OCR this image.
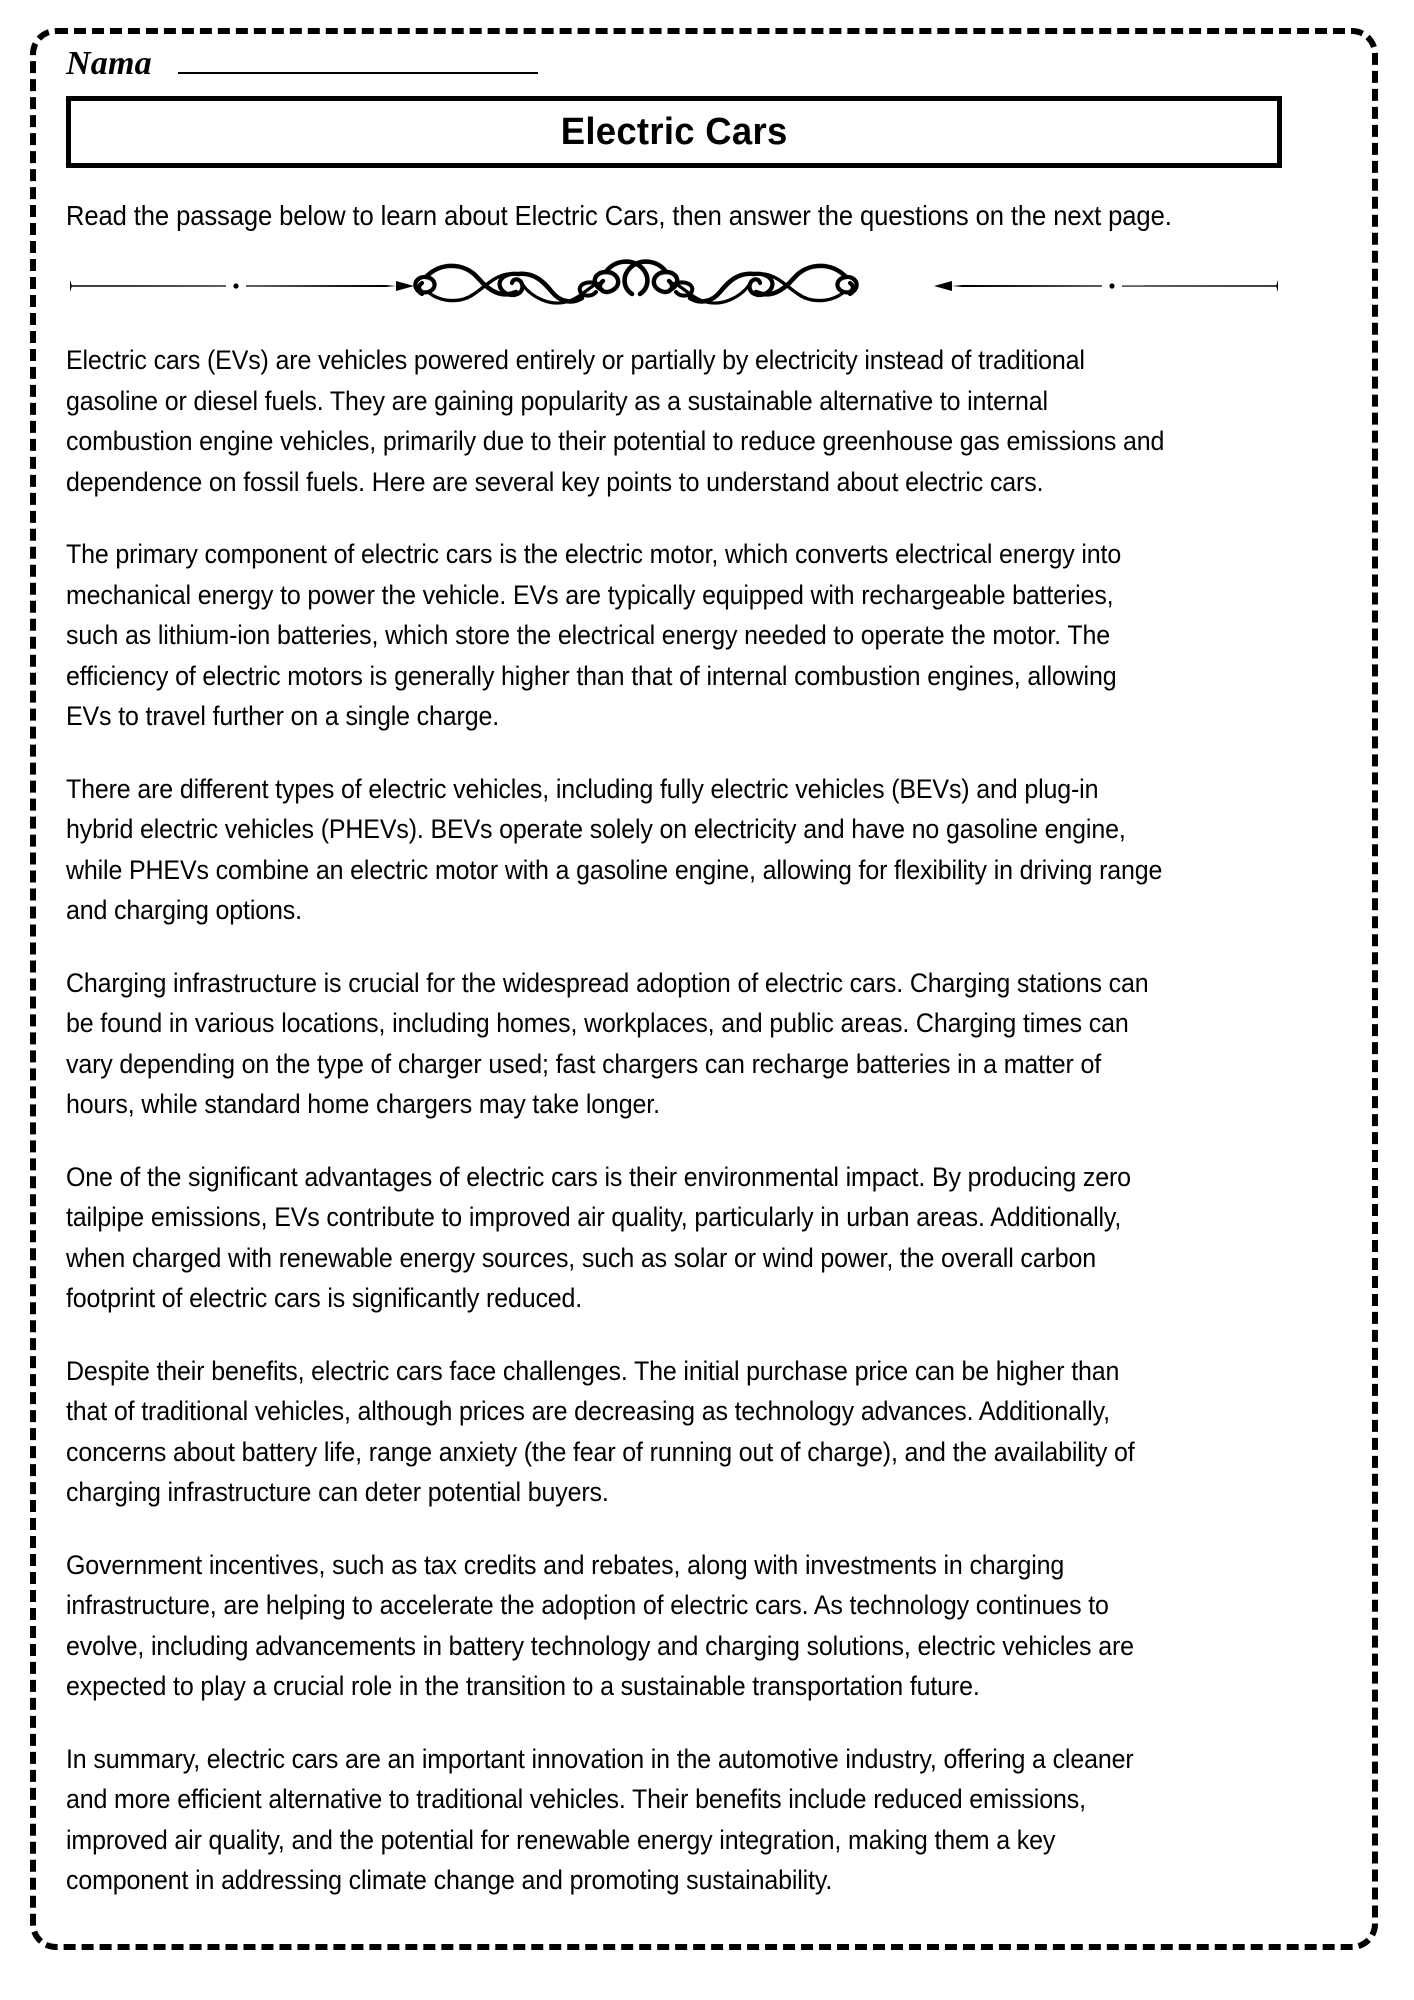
Nama
Electric Cars
Read the passage below to learn about Electric Cars, then answer the questions on the next page.

Electric cars (EVs) are vehicles powered entirely or partially by electricity instead of traditional gasoline or diesel fuels. They are gaining popularity as a sustainable alternative to internal combustion engine vehicles, primarily due to their potential to reduce greenhouse gas emissions and dependence on fossil fuels. Here are several key points to understand about electric cars.

The primary component of electric cars is the electric motor, which converts electrical energy into mechanical energy to power the vehicle. EVs are typically equipped with rechargeable batteries, such as lithium-ion batteries, which store the electrical energy needed to operate the motor. The efficiency of electric motors is generally higher than that of internal combustion engines, allowing EVs to travel further on a single charge.

There are different types of electric vehicles, including fully electric vehicles (BEVs) and plug-in hybrid electric vehicles (PHEVs). BEVs operate solely on electricity and have no gasoline engine, while PHEVs combine an electric motor with a gasoline engine, allowing for flexibility in driving range and charging options.

Charging infrastructure is crucial for the widespread adoption of electric cars. Charging stations can be found in various locations, including homes, workplaces, and public areas. Charging times can vary depending on the type of charger used; fast chargers can recharge batteries in a matter of hours, while standard home chargers may take longer.

One of the significant advantages of electric cars is their environmental impact. By producing zero tailpipe emissions, EVs contribute to improved air quality, particularly in urban areas. Additionally, when charged with renewable energy sources, such as solar or wind power, the overall carbon footprint of electric cars is significantly reduced.

Despite their benefits, electric cars face challenges. The initial purchase price can be higher than that of traditional vehicles, although prices are decreasing as technology advances. Additionally, concerns about battery life, range anxiety (the fear of running out of charge), and the availability of charging infrastructure can deter potential buyers.

Government incentives, such as tax credits and rebates, along with investments in charging infrastructure, are helping to accelerate the adoption of electric cars. As technology continues to evolve, including advancements in battery technology and charging solutions, electric vehicles are expected to play a crucial role in the transition to a sustainable transportation future.

In summary, electric cars are an important innovation in the automotive industry, offering a cleaner and more efficient alternative to traditional vehicles. Their benefits include reduced emissions, improved air quality, and the potential for renewable energy integration, making them a key component in addressing climate change and promoting sustainability.
